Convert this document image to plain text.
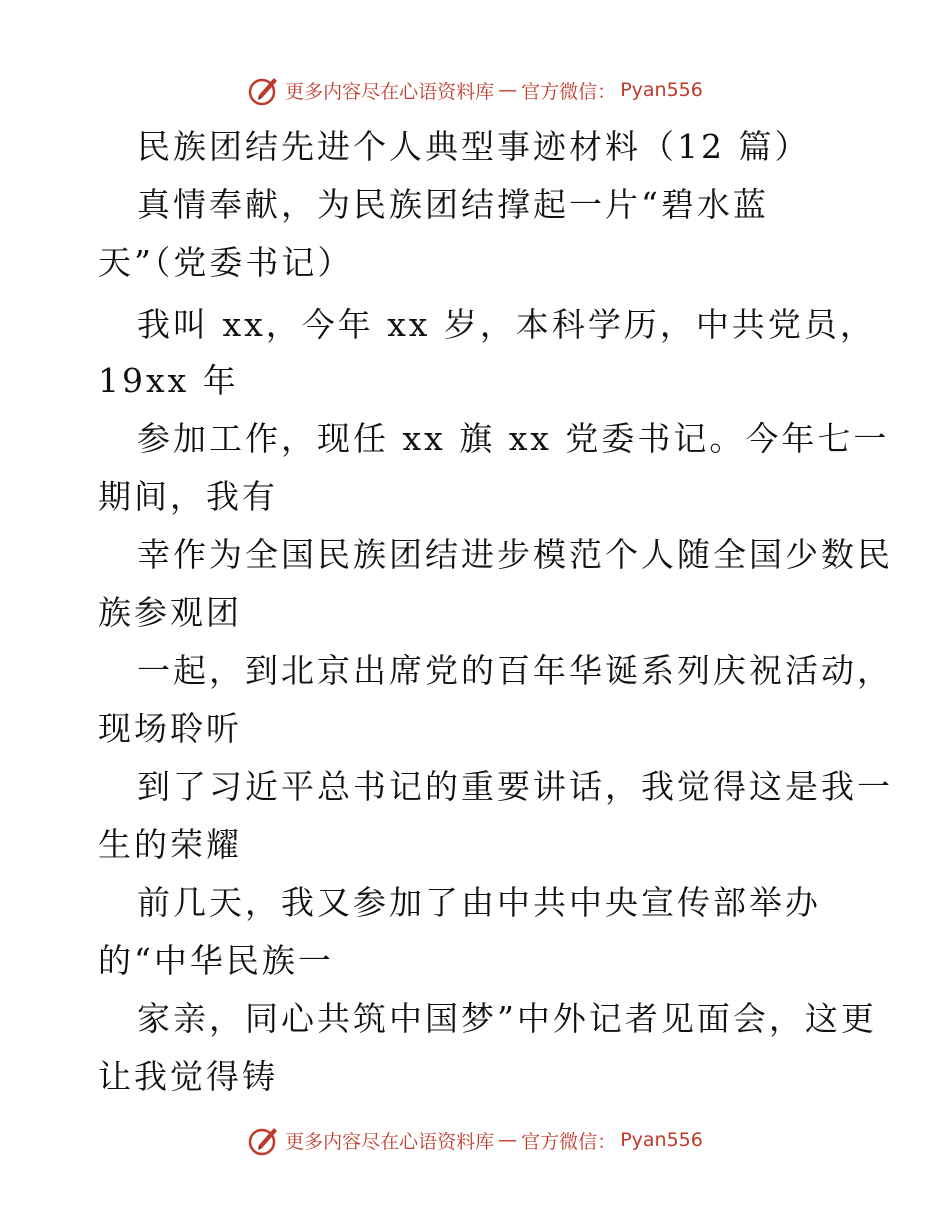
更多内容尽在心语资料库 — 官方微信： Pyan556
民族团结先进个人典型事迹材料（12 篇）
真情奉献，为民族团结撑起一片“碧水蓝
天”（党委书记）
我叫 xx，今年 xx 岁，本科学历，中共党员，
19xx 年
参加工作，现任 xx 旗 xx 党委书记。今年七一
期间，我有
幸作为全国民族团结进步模范个人随全国少数民
族参观团
一起，到北京出席党的百年华诞系列庆祝活动，
现场聆听
到了习近平总书记的重要讲话，我觉得这是我一
生的荣耀
前几天，我又参加了由中共中央宣传部举办
的“中华民族一
家亲，同心共筑中国梦”中外记者见面会，这更
让我觉得铸
更多内容尽在心语资料库 — 官方微信： Pyan556
